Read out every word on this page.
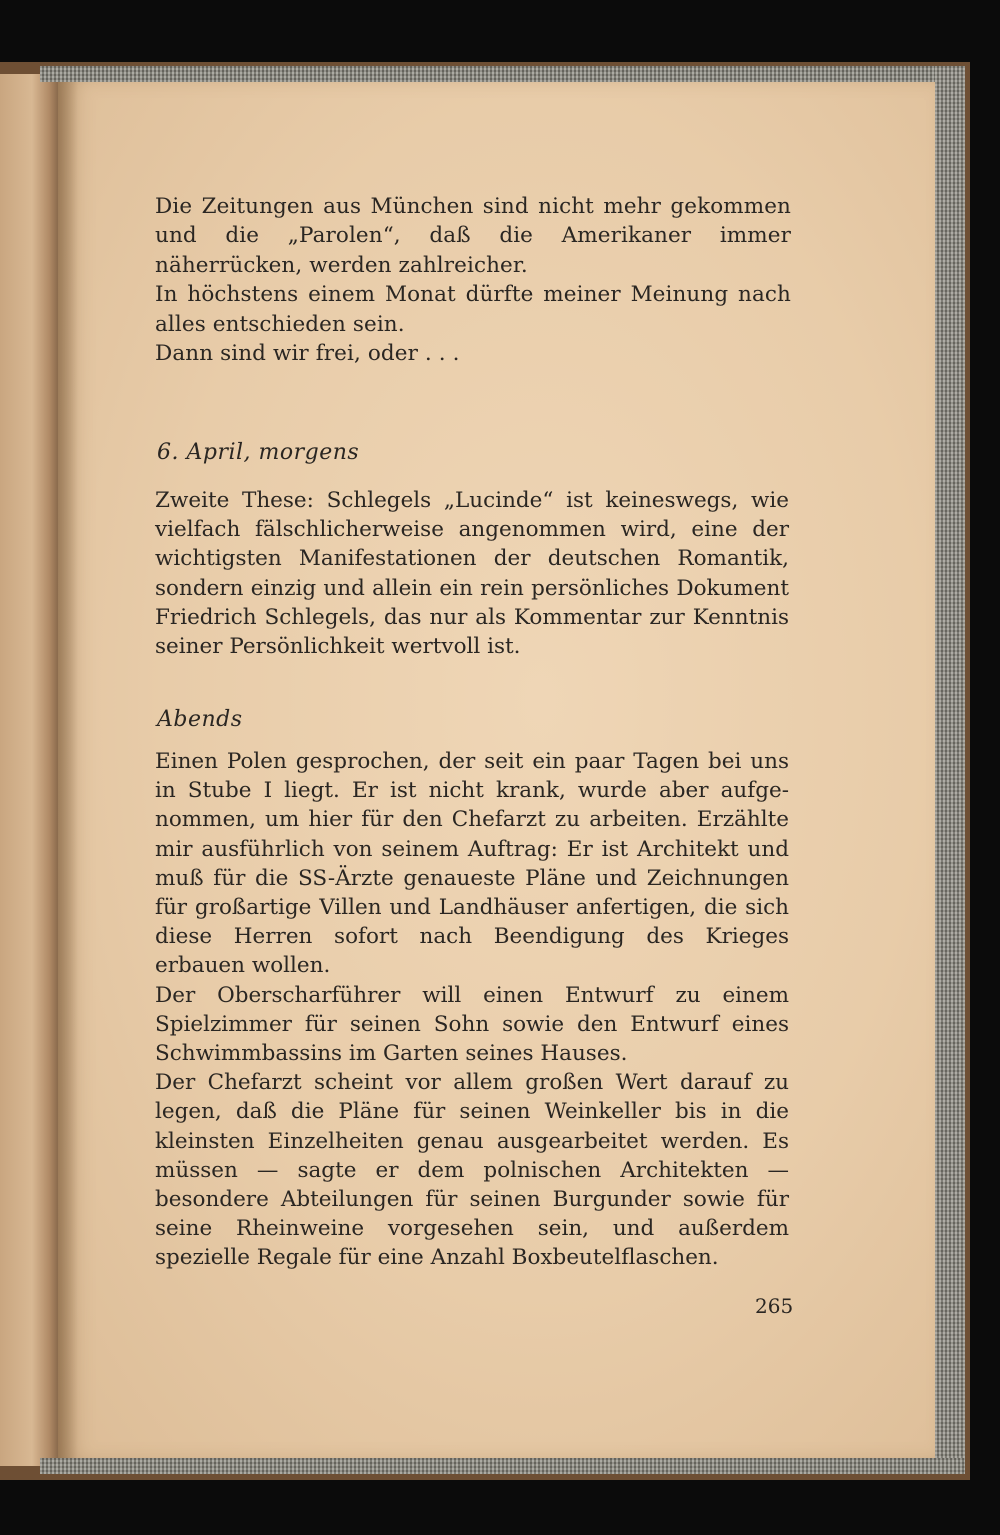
Die Zeitungen aus München sind nicht mehr gekommen und die „Parolen“, daß die Amerikaner immer näherrücken, werden zahlreicher.

In höchstens einem Monat dürfte meiner Meinung nach alles entschieden sein.

Dann sind wir frei, oder . . .

6. April, morgens

Zweite These: Schlegels „Lucinde“ ist keineswegs, wie vielfach fälschlicherweise angenommen wird, eine der wichtigsten Manifestationen der deutschen Romantik, sondern einzig und allein ein rein persönliches Dokument Friedrich Schlegels, das nur als Kommentar zur Kenntnis seiner Persönlichkeit wertvoll ist.

Abends

Einen Polen gesprochen, der seit ein paar Tagen bei uns in Stube I liegt. Er ist nicht krank, wurde aber aufgenommen, um hier für den Chefarzt zu arbeiten. Erzählte mir ausführlich von seinem Auftrag: Er ist Architekt und muß für die SS-Ärzte genaueste Pläne und Zeichnungen für großartige Villen und Landhäuser anfertigen, die sich diese Herren sofort nach Beendigung des Krieges erbauen wollen.

Der Oberscharführer will einen Entwurf zu einem Spielzimmer für seinen Sohn sowie den Entwurf eines Schwimmbassins im Garten seines Hauses.

Der Chefarzt scheint vor allem großen Wert darauf zu legen, daß die Pläne für seinen Weinkeller bis in die kleinsten Einzelheiten genau ausgearbeitet werden. Es müssen — sagte er dem polnischen Architekten — besondere Abteilungen für seinen Burgunder sowie für seine Rheinweine vorgesehen sein, und außerdem spezielle Regale für eine Anzahl Boxbeutelflaschen.

265
